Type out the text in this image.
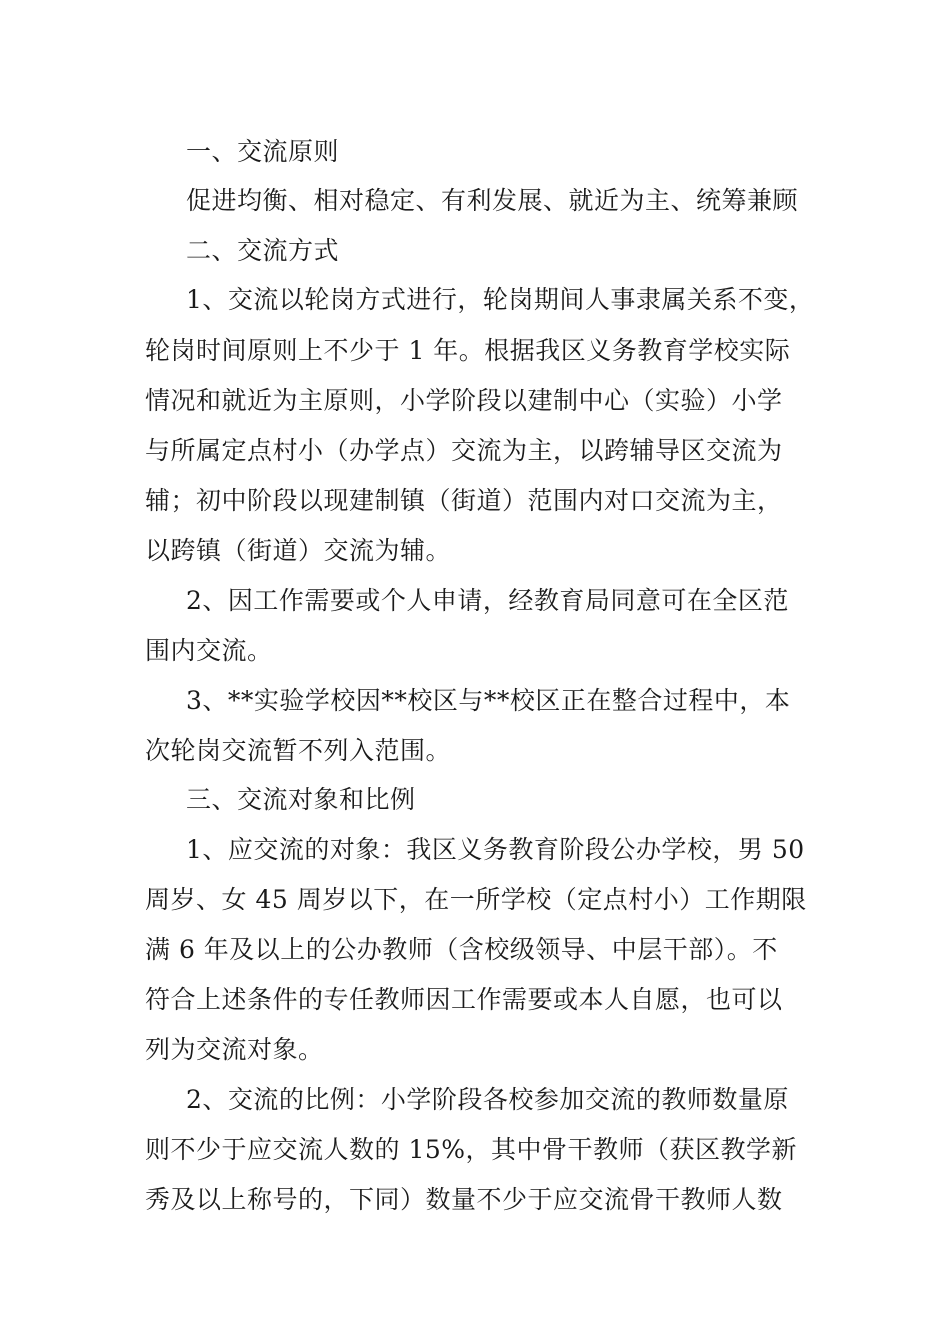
一、交流原则
促进均衡、相对稳定、有利发展、就近为主、统筹兼顾
二、交流方式
1、交流以轮岗方式进行，轮岗期间人事隶属关系不变，
轮岗时间原则上不少于 1 年。根据我区义务教育学校实际
情况和就近为主原则，小学阶段以建制中心（实验）小学
与所属定点村小（办学点）交流为主，以跨辅导区交流为
辅；初中阶段以现建制镇（街道）范围内对口交流为主，
以跨镇（街道）交流为辅。
2、因工作需要或个人申请，经教育局同意可在全区范
围内交流。
3、**实验学校因**校区与**校区正在整合过程中，本
次轮岗交流暂不列入范围。
三、交流对象和比例
1、应交流的对象：我区义务教育阶段公办学校，男 50
周岁、女 45 周岁以下，在一所学校（定点村小）工作期限
满 6 年及以上的公办教师（含校级领导、中层干部）。不
符合上述条件的专任教师因工作需要或本人自愿，也可以
列为交流对象。
2、交流的比例：小学阶段各校参加交流的教师数量原
则不少于应交流人数的 15%，其中骨干教师（获区教学新
秀及以上称号的，下同）数量不少于应交流骨干教师人数
